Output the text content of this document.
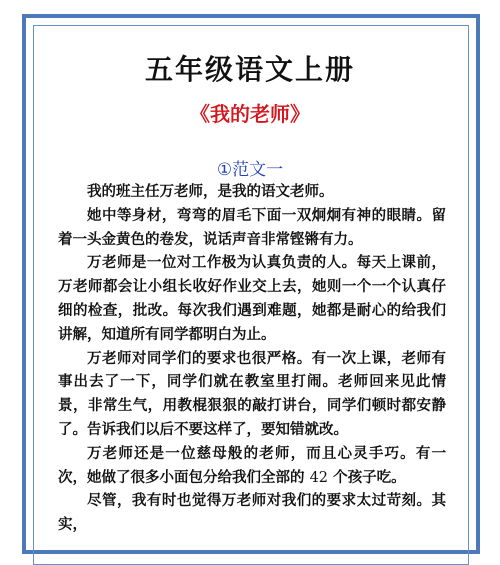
五年级语文上册
《我的老师》
①范文一

我的班主任万老师，是我的语文老师。

她中等身材，弯弯的眉毛下面一双炯炯有神的眼睛。留着一头金黄色的卷发，说话声音非常铿锵有力。

万老师是一位对工作极为认真负责的人。每天上课前，万老师都会让小组长收好作业交上去，她则一个一个认真仔细的检查，批改。每次我们遇到难题，她都是耐心的给我们讲解，知道所有同学都明白为止。

万老师对同学们的要求也很严格。有一次上课，老师有事出去了一下，同学们就在教室里打闹。老师回来见此情景，非常生气，用教棍狠狠的敲打讲台，同学们顿时都安静了。告诉我们以后不要这样了，要知错就改。

万老师还是一位慈母般的老师，而且心灵手巧。有一次，她做了很多小面包分给我们全部的 42 个孩子吃。

尽管，我有时也觉得万老师对我们的要求太过苛刻。其实，
